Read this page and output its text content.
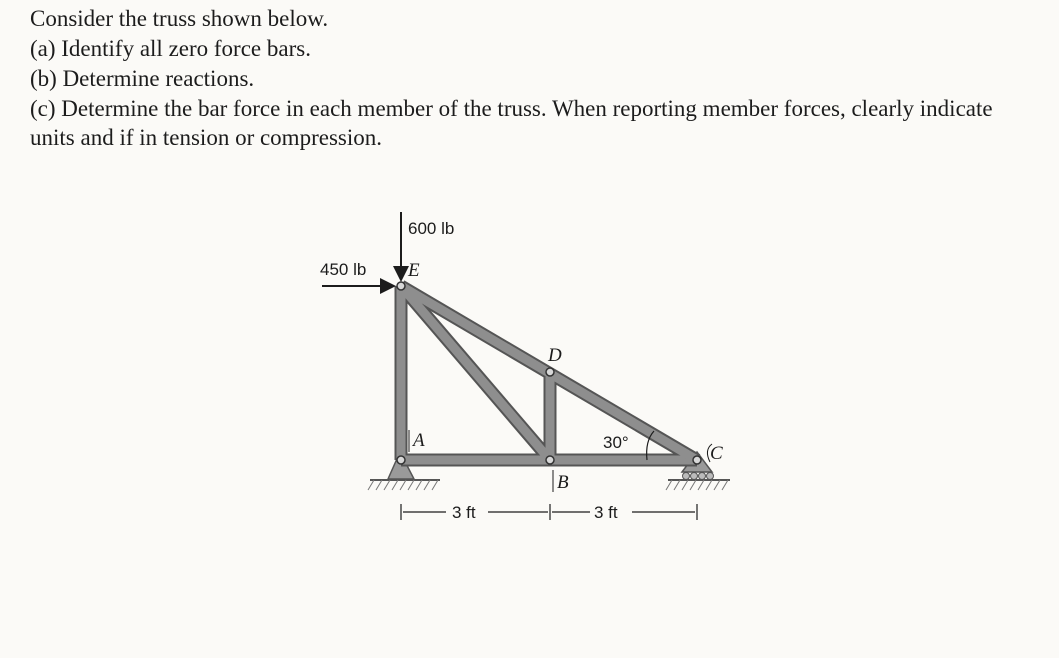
Consider the truss shown below.
(a) Identify all zero force bars.
(b) Determine reactions.
(c) Determine the bar force in each member of the truss. When reporting member forces, clearly indicate units and if in tension or compression.
600 lb
450 lb E
D
A
B
C
30°
3 ft	3 ft
